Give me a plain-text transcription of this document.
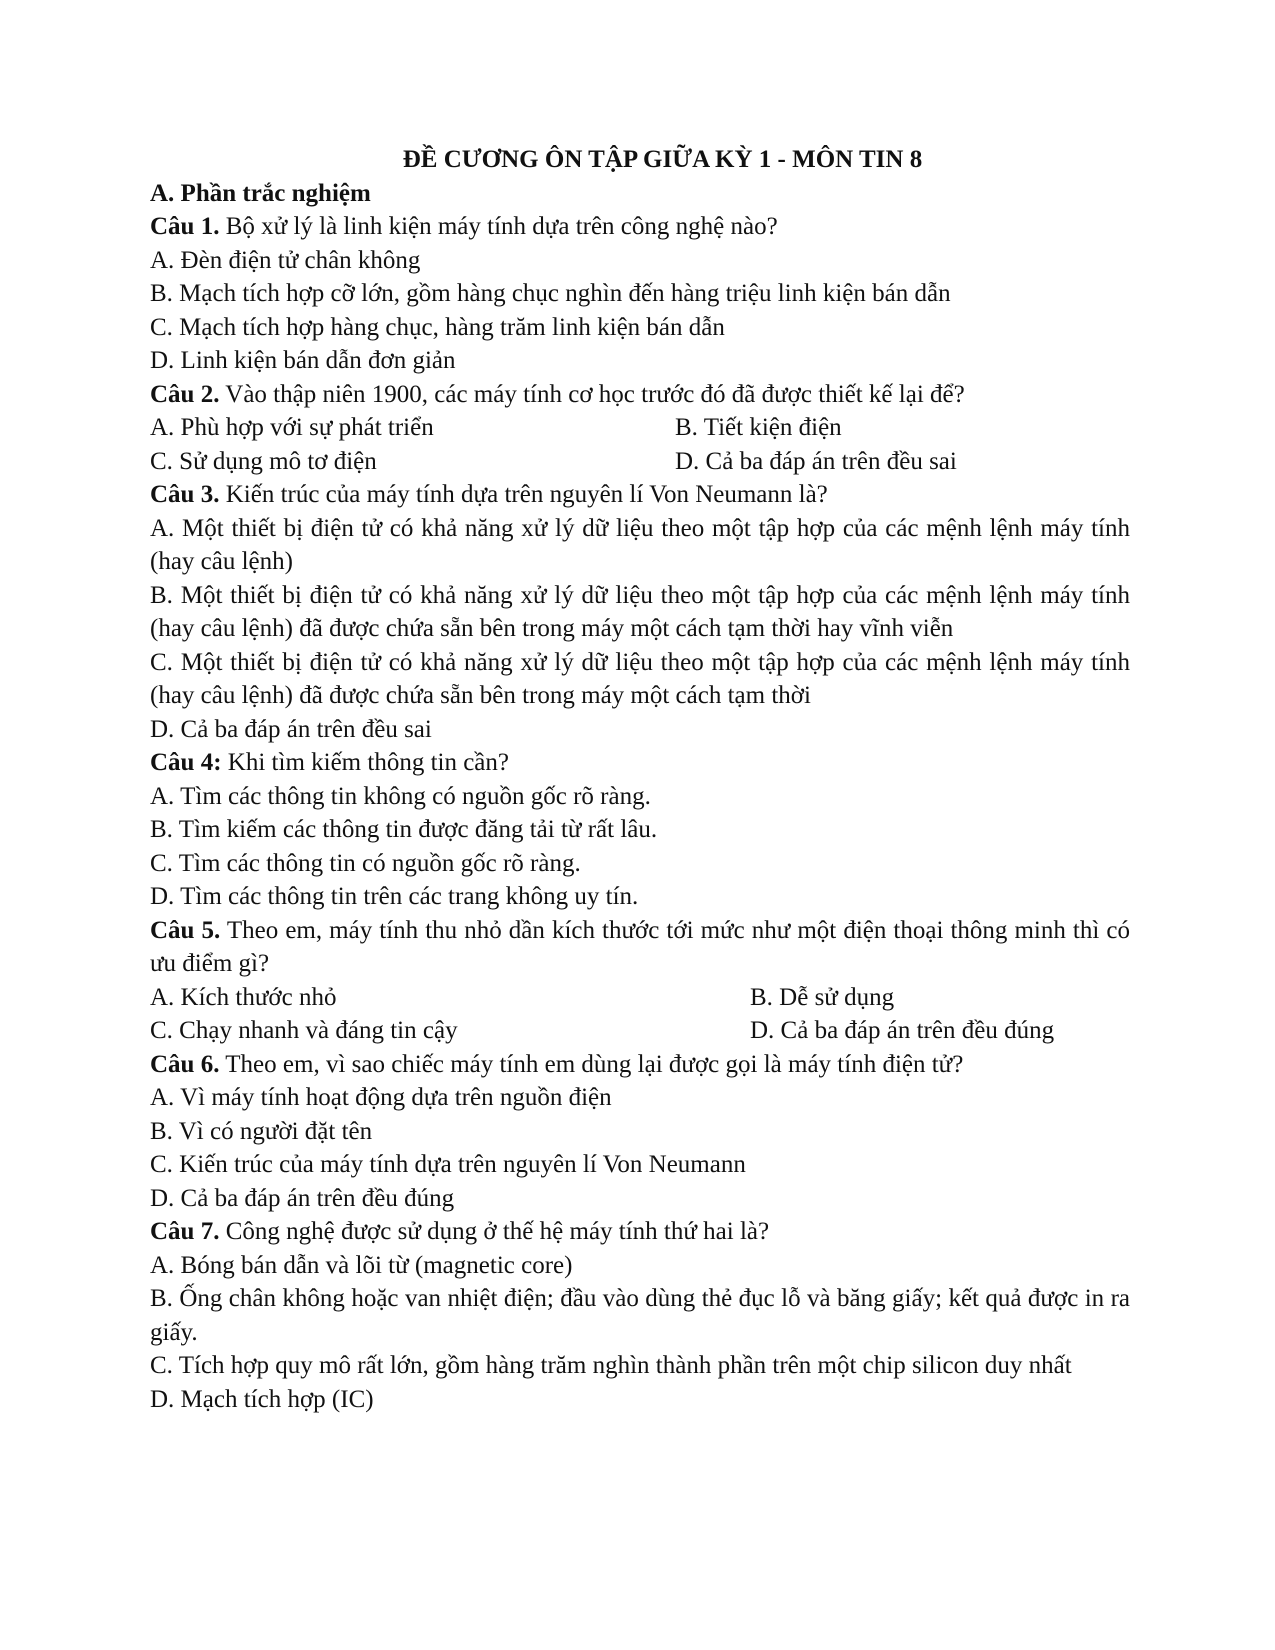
ĐỀ CƯƠNG ÔN TẬP GIỮA KỲ 1 - MÔN TIN 8
A. Phần trắc nghiệm
Câu 1. Bộ xử lý là linh kiện máy tính dựa trên công nghệ nào?
A. Đèn điện tử chân không
B. Mạch tích hợp cỡ lớn, gồm hàng chục nghìn đến hàng triệu linh kiện bán dẫn
C. Mạch tích hợp hàng chục, hàng trăm linh kiện bán dẫn
D. Linh kiện bán dẫn đơn giản
Câu 2. Vào thập niên 1900, các máy tính cơ học trước đó đã được thiết kế lại để?
A. Phù hợp với sự phát triển	B. Tiết kiện điện
C. Sử dụng mô tơ điện	D. Cả ba đáp án trên đều sai
Câu 3. Kiến trúc của máy tính dựa trên nguyên lí Von Neumann là?
A. Một thiết bị điện tử có khả năng xử lý dữ liệu theo một tập hợp của các mệnh lệnh máy tính (hay câu lệnh)
B. Một thiết bị điện tử có khả năng xử lý dữ liệu theo một tập hợp của các mệnh lệnh máy tính (hay câu lệnh) đã được chứa sẵn bên trong máy một cách tạm thời hay vĩnh viễn
C. Một thiết bị điện tử có khả năng xử lý dữ liệu theo một tập hợp của các mệnh lệnh máy tính (hay câu lệnh) đã được chứa sẵn bên trong máy một cách tạm thời
D. Cả ba đáp án trên đều sai
Câu 4: Khi tìm kiếm thông tin cần?
A. Tìm các thông tin không có nguồn gốc rõ ràng.
B. Tìm kiếm các thông tin được đăng tải từ rất lâu.
C. Tìm các thông tin có nguồn gốc rõ ràng.
D. Tìm các thông tin trên các trang không uy tín.
Câu 5. Theo em, máy tính thu nhỏ dần kích thước tới mức như một điện thoại thông minh thì có ưu điểm gì?
A. Kích thước nhỏ	B. Dễ sử dụng
C. Chạy nhanh và đáng tin cậy	D. Cả ba đáp án trên đều đúng
Câu 6. Theo em, vì sao chiếc máy tính em dùng lại được gọi là máy tính điện tử?
A. Vì máy tính hoạt động dựa trên nguồn điện
B. Vì có người đặt tên
C. Kiến trúc của máy tính dựa trên nguyên lí Von Neumann
D. Cả ba đáp án trên đều đúng
Câu 7. Công nghệ được sử dụng ở thế hệ máy tính thứ hai là?
A. Bóng bán dẫn và lõi từ (magnetic core)
B. Ống chân không hoặc van nhiệt điện; đầu vào dùng thẻ đục lỗ và băng giấy; kết quả được in ra giấy.
C. Tích hợp quy mô rất lớn, gồm hàng trăm nghìn thành phần trên một chip silicon duy nhất
D. Mạch tích hợp (IC)
